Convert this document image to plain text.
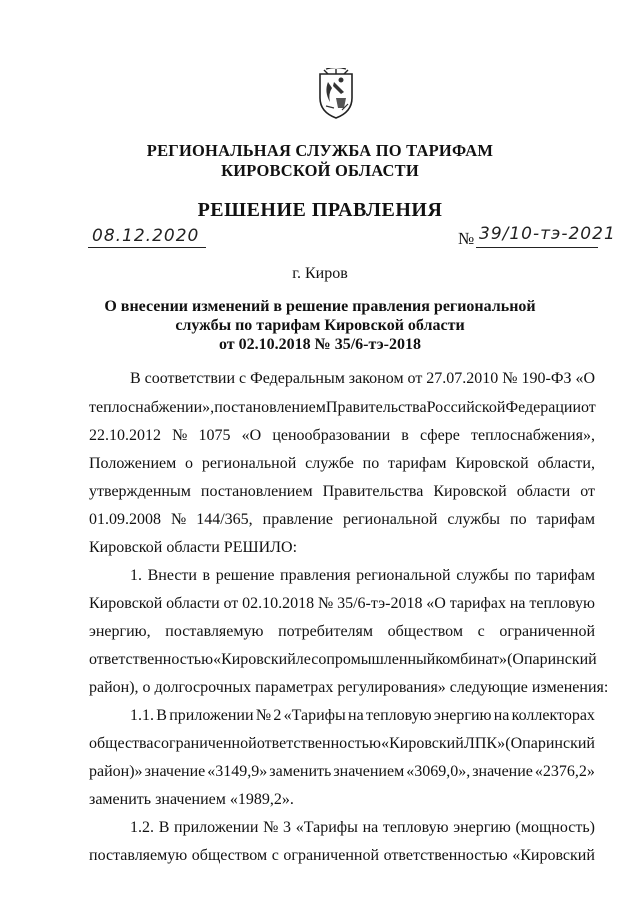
РЕГИОНАЛЬНАЯ СЛУЖБА ПО ТАРИФАМ
КИРОВСКОЙ ОБЛАСТИ
РЕШЕНИЕ ПРАВЛЕНИЯ
08.12.2020	№ 39/10-тэ-2021
г. Киров
О внесении изменений в решение правления региональной
службы по тарифам Кировской области
от 02.10.2018 № 35/6-тэ-2018
В соответствии с Федеральным законом от 27.07.2010 № 190-ФЗ «О
теплоснабжении», постановлением Правительства Российской Федерации от
22.10.2012 № 1075 «О ценообразовании в сфере теплоснабжения»,
Положением о региональной службе по тарифам Кировской области,
утвержденным постановлением Правительства Кировской области от
01.09.2008 № 144/365, правление региональной службы по тарифам
Кировской области РЕШИЛО:
1. Внести в решение правления региональной службы по тарифам
Кировской области от 02.10.2018 № 35/6-тэ-2018 «О тарифах на тепловую
энергию, поставляемую потребителям обществом с ограниченной
ответственностью «Кировский лесопромышленный комбинат» (Опаринский
район), о долгосрочных параметрах регулирования» следующие изменения:
1.1. В приложении № 2 «Тарифы на тепловую энергию на коллекторах
общества с ограниченной ответственностью «Кировский ЛПК» (Опаринский
район)» значение «3149,9» заменить значением «3069,0», значение «2376,2»
заменить значением «1989,2».
1.2. В приложении № 3 «Тарифы на тепловую энергию (мощность)
поставляемую обществом с ограниченной ответственностью «Кировский
